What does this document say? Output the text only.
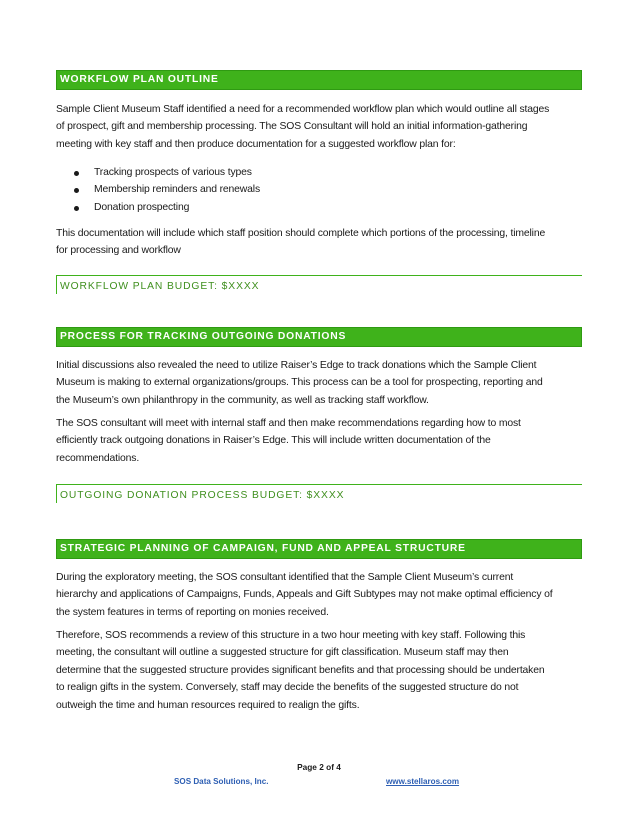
WORKFLOW PLAN OUTLINE

Sample Client Museum Staff identified a need for a recommended workflow plan which would outline all stages
of prospect, gift and membership processing. The SOS Consultant will hold an initial information-gathering
meeting with key staff and then produce documentation for a suggested workflow plan for:

Tracking prospects of various types
Membership reminders and renewals
Donation prospecting

This documentation will include which staff position should complete which portions of the processing, timeline
for processing and workflow

WORKFLOW PLAN BUDGET: $XXXX
PROCESS FOR TRACKING OUTGOING DONATIONS

Initial discussions also revealed the need to utilize Raiser’s Edge to track donations which the Sample Client
Museum is making to external organizations/groups. This process can be a tool for prospecting, reporting and
the Museum’s own philanthropy in the community, as well as tracking staff workflow.

The SOS consultant will meet with internal staff and then make recommendations regarding how to most
efficiently track outgoing donations in Raiser’s Edge. This will include written documentation of the
recommendations.

OUTGOING DONATION PROCESS BUDGET: $XXXX
STRATEGIC PLANNING OF CAMPAIGN, FUND AND APPEAL STRUCTURE

During the exploratory meeting, the SOS consultant identified that the Sample Client Museum’s current
hierarchy and applications of Campaigns, Funds, Appeals and Gift Subtypes may not make optimal efficiency of
the system features in terms of reporting on monies received.

Therefore, SOS recommends a review of this structure in a two hour meeting with key staff. Following this
meeting, the consultant will outline a suggested structure for gift classification. Museum staff may then
determine that the suggested structure provides significant benefits and that processing should be undertaken
to realign gifts in the system. Conversely, staff may decide the benefits of the suggested structure do not
outweigh the time and human resources required to realign the gifts.

Page 2 of 4
SOS Data Solutions, Inc.	www.stellaros.com
